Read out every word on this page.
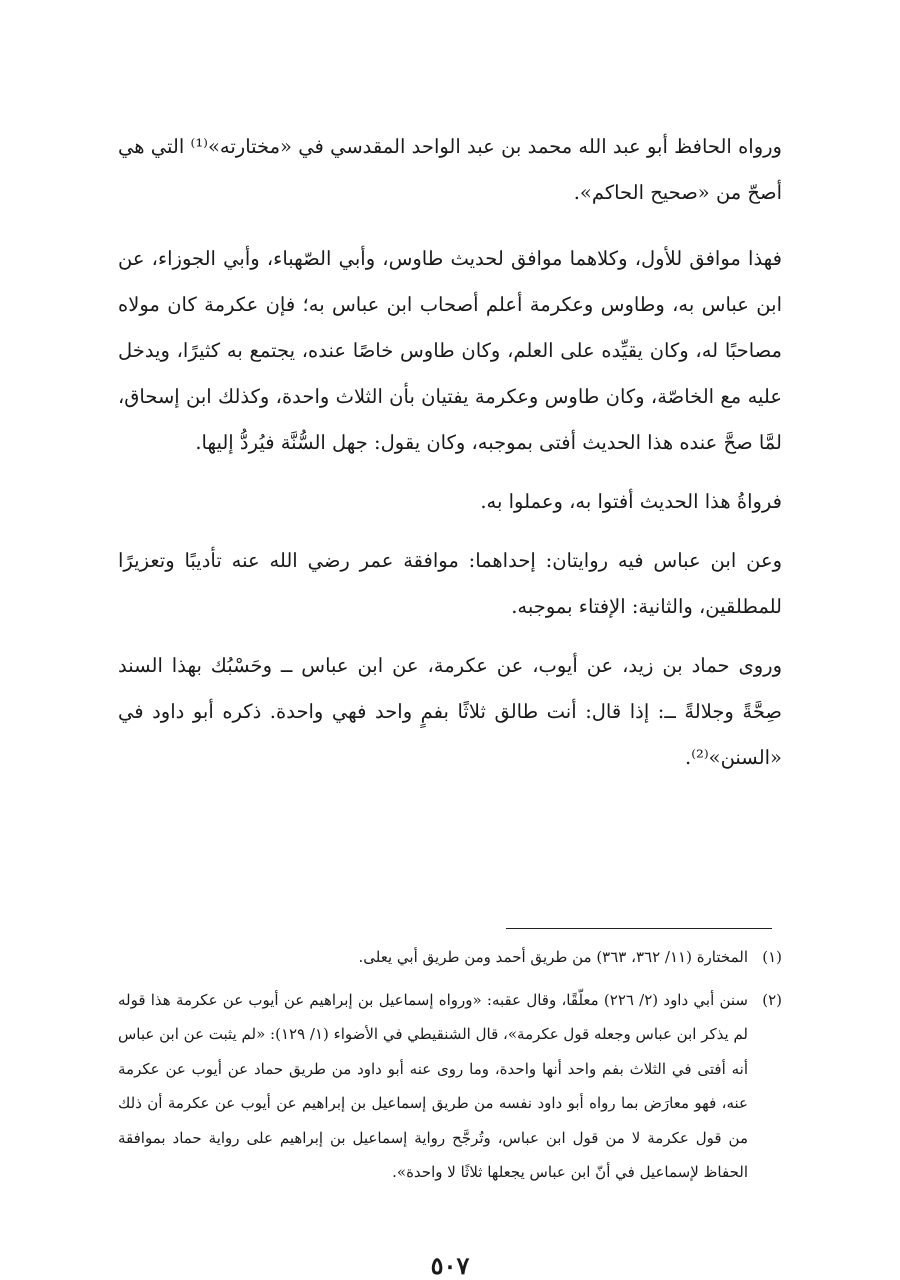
ورواه الحافظ أبو عبد الله محمد بن عبد الواحد المقدسي في «مختارته»⁽¹⁾ التي هي أصحّ من «صحيح الحاكم».

فهذا موافق للأول، وكلاهما موافق لحديث طاوس، وأبي الصّهباء، وأبي الجوزاء، عن ابن عباس به، وطاوس وعكرمة أعلم أصحاب ابن عباس به؛ فإن عكرمة كان مولاه مصاحبًا له، وكان يقيِّده على العلم، وكان طاوس خاصًا عنده، يجتمع به كثيرًا، ويدخل عليه مع الخاصّة، وكان طاوس وعكرمة يفتيان بأن الثلاث واحدة، وكذلك ابن إسحاق، لمَّا صحَّ عنده هذا الحديث أفتى بموجبه، وكان يقول: جهل السُّنَّة فيُردُّ إليها.

فرواةُ هذا الحديث أفتوا به، وعملوا به.

وعن ابن عباس فيه روايتان: إحداهما: موافقة عمر رضي الله عنه تأديبًا وتعزيرًا للمطلقين، والثانية: الإفتاء بموجبه.

وروى حماد بن زيد، عن أيوب، عن عكرمة، عن ابن عباس ــ وحَسْبُك بهذا السند صِحَّةً وجلالةً ــ: إذا قال: أنت طالق ثلاثًا بفمٍ واحد فهي واحدة. ذكره أبو داود في «السنن»⁽²⁾.

(١)
المختارة (١١/ ٣٦٢، ٣٦٣) من طريق أحمد ومن طريق أبي يعلى.
(٢)
سنن أبي داود (٢/ ٢٢٦) معلّقًا، وقال عقبه: «ورواه إسماعيل بن إبراهيم عن أيوب عن عكرمة هذا قوله لم يذكر ابن عباس وجعله قول عكرمة»، قال الشنقيطي في الأضواء (١/ ١٢٩): «لم يثبت عن ابن عباس أنه أفتى في الثلاث بفم واحد أنها واحدة، وما روى عنه أبو داود من طريق حماد عن أيوب عن عكرمة عنه، فهو معارَض بما رواه أبو داود نفسه من طريق إسماعيل بن إبراهيم عن أيوب عن عكرمة أن ذلك من قول عكرمة لا من قول ابن عباس، وتُرجَّح رواية إسماعيل بن إبراهيم على رواية حماد بموافقة الحفاظ لإسماعيل في أنّ ابن عباس يجعلها ثلاثًا لا واحدة».
٥٠٧
